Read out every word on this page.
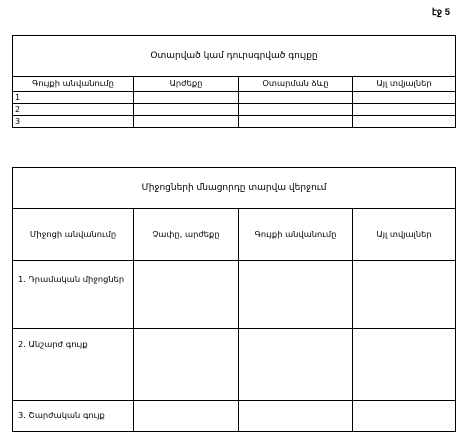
էջ 5
Օտարված կամ դուրսգրված գույքը			
Գույքի անվանումը	Արժեքը	Օտարման ձևը	Այլ տվյալներ
1			
2			
3			
Միջոցների մնացորդը տարվա վերջում			
Միջոցի անվանումը	Չափը, արժեքը	Գույքի անվանումը	Այլ տվյալներ
1. Դրամական միջոցներ			
2. Անշարժ գույք			
3. Շարժական գույք			
